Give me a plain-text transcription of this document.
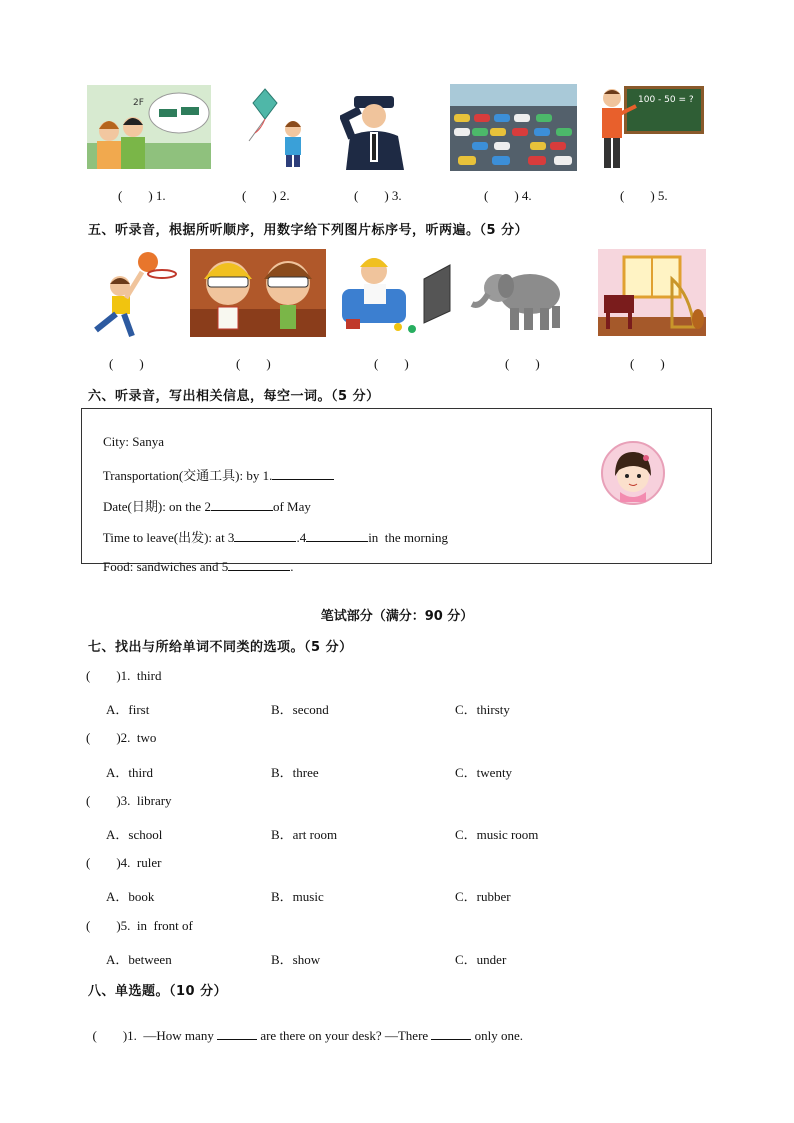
2F	100 - 50 = ?
(        ) 1.	(        ) 2.	(        ) 3.	(        ) 4.	(        ) 5.
五、听录音，根据所听顺序，用数字给下列图片标序号，听两遍。（5 分）
(        )	(        )	(        )	(        )	(        )
六、听录音，写出相关信息，每空一词。（5 分）

City: Sanya

Transportation(交通工具): by 1.

Date(日期): on the 2	of May

Time to leave(出发): at 3	.4	in  the morning

Food: sandwiches and 5	.

笔试部分（满分：90 分）
七、找出与所给单词不同类的选项。（5 分）
(        )1.  third
A．first	B．second	C．thirsty
(        )2.  two
A．third	B．three	C．twenty
(        )3.  library
A．school	B．art room	C．music room
(        )4.  ruler
A．book	B．music	C．rubber
(        )5.  in  front of
A．between	B．show	C．under
八、单选题。（10 分）

(        )1.  —How many	are there on your desk? —There	only one.
